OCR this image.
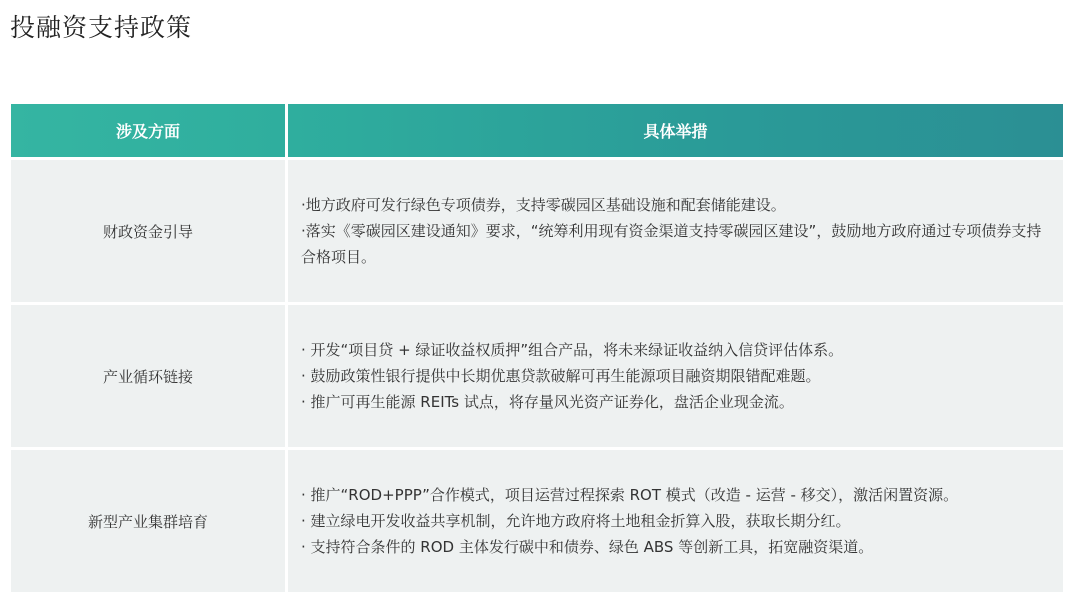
投融资支持政策
涉及方面	具体举措
财政资金引导	·地方政府可发行绿色专项债券，支持零碳园区基础设施和配套储能建设。
·落实《零碳园区建设通知》要求，“统筹利用现有资金渠道支持零碳园区建设”，鼓励地方政府通过专项债券支持合格项目。

产业循环链接	· 开发“项目贷 + 绿证收益权质押”组合产品，将未来绿证收益纳入信贷评估体系。
· 鼓励政策性银行提供中长期优惠贷款破解可再生能源项目融资期限错配难题。
· 推广可再生能源 REITs 试点，将存量风光资产证券化，盘活企业现金流。

新型产业集群培育	· 推广“ROD+PPP”合作模式，项目运营过程探索 ROT 模式（改造 - 运营 - 移交），激活闲置资源。
· 建立绿电开发收益共享机制，允许地方政府将土地租金折算入股，获取长期分红。
· 支持符合条件的 ROD 主体发行碳中和债券、绿色 ABS 等创新工具，拓宽融资渠道。
